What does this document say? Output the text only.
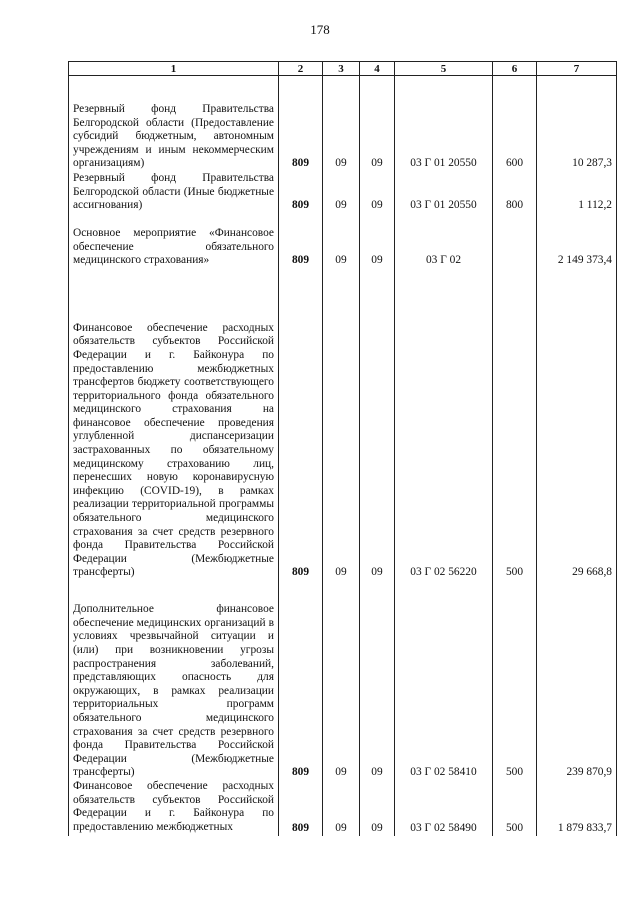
178
1	2	3	4	5	6	7
Резервный фонд Правительства Белгородской области (Предоставление субсидий бюджетным, автономным учреждениям и иным некоммерческим организациям)	809	09	09	03 Г 01 20550	600	10 287,3
Резервный фонд Правительства Белгородской области (Иные бюджетные ассигнования)	809	09	09	03 Г 01 20550	800	1 112,2
Основное мероприятие «Финансовое обеспечение обязательного медицинского страхования»	809	09	09	03 Г 02		2 149 373,4
Финансовое обеспечение расходных обязательств субъектов Российской Федерации и г. Байконура по предоставлению межбюджетных трансфертов бюджету соответствующего территориального фонда обязательного медицинского страхования на финансовое обеспечение проведения углубленной диспансеризации застрахованных по обязательному медицинскому страхованию лиц, перенесших новую коронавирусную инфекцию (COVID-19), в рамках реализации территориальной программы обязательного медицинского страхования за счет средств резервного фонда Правительства Российской Федерации (Межбюджетные трансферты)	809	09	09	03 Г 02 56220	500	29 668,8
Дополнительное финансовое обеспечение медицинских организаций в условиях чрезвычайной ситуации и (или) при возникновении угрозы распространения заболеваний, представляющих опасность для окружающих, в рамках реализации территориальных программ обязательного медицинского страхования за счет средств резервного фонда Правительства Российской Федерации (Межбюджетные трансферты)	809	09	09	03 Г 02 58410	500	239 870,9
Финансовое обеспечение расходных обязательств субъектов Российской Федерации и г. Байконура по предоставлению межбюджетных	809	09	09	03 Г 02 58490	500	1 879 833,7
